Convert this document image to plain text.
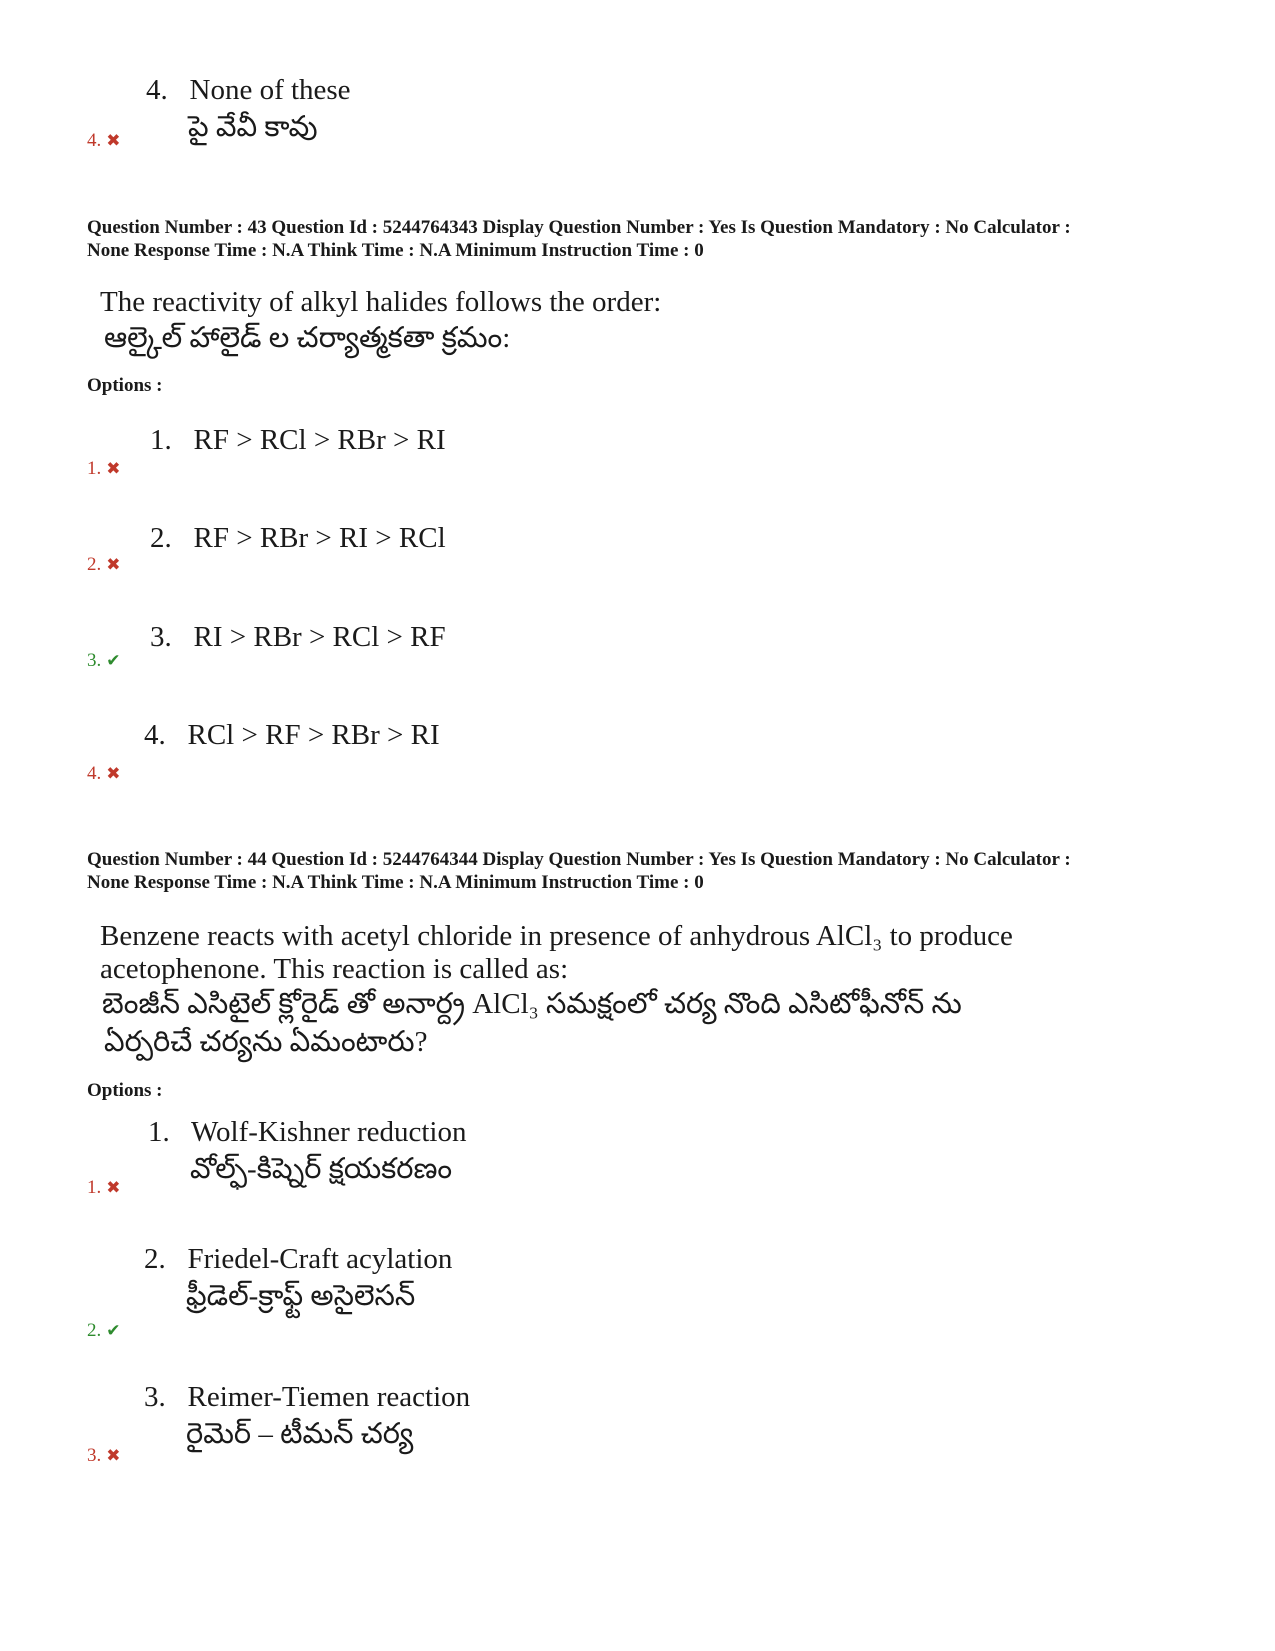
4. None of these
పై వేవీ కావు
4. ✖
Question Number : 43 Question Id : 5244764343 Display Question Number : Yes Is Question Mandatory : No Calculator :
None Response Time : N.A Think Time : N.A Minimum Instruction Time : 0
The reactivity of alkyl halides follows the order:
ఆల్కైల్ హాలైడ్ ల చర్యాత్మకతా క్రమం:
Options :
1. RF > RCl > RBr > RI
1. ✖
2. RF > RBr > RI > RCl
2. ✖
3. RI > RBr > RCl > RF
3. ✔
4. RCl > RF > RBr > RI
4. ✖
Question Number : 44 Question Id : 5244764344 Display Question Number : Yes Is Question Mandatory : No Calculator :
None Response Time : N.A Think Time : N.A Minimum Instruction Time : 0
Benzene reacts with acetyl chloride in presence of anhydrous AlCl₃ to produce
acetophenone. This reaction is called as:
బెంజీన్ ఎసిటైల్ క్లోరైడ్ తో అనార్ద్ర AlCl₃ సమక్షంలో చర్య నొంది ఎసిటోఫీనోన్ ను
ఏర్పరిచే చర్యను ఏమంటారు?
Options :
1. Wolf-Kishner reduction
వోల్ఫ్-కిష్నెర్ క్షయకరణం
1. ✖
2. Friedel-Craft acylation
ఫ్రీడెల్-క్రాఫ్ట్ అసైలెసన్
2. ✔
3. Reimer-Tiemen reaction
రైమెర్ – టీమన్ చర్య
3. ✖
